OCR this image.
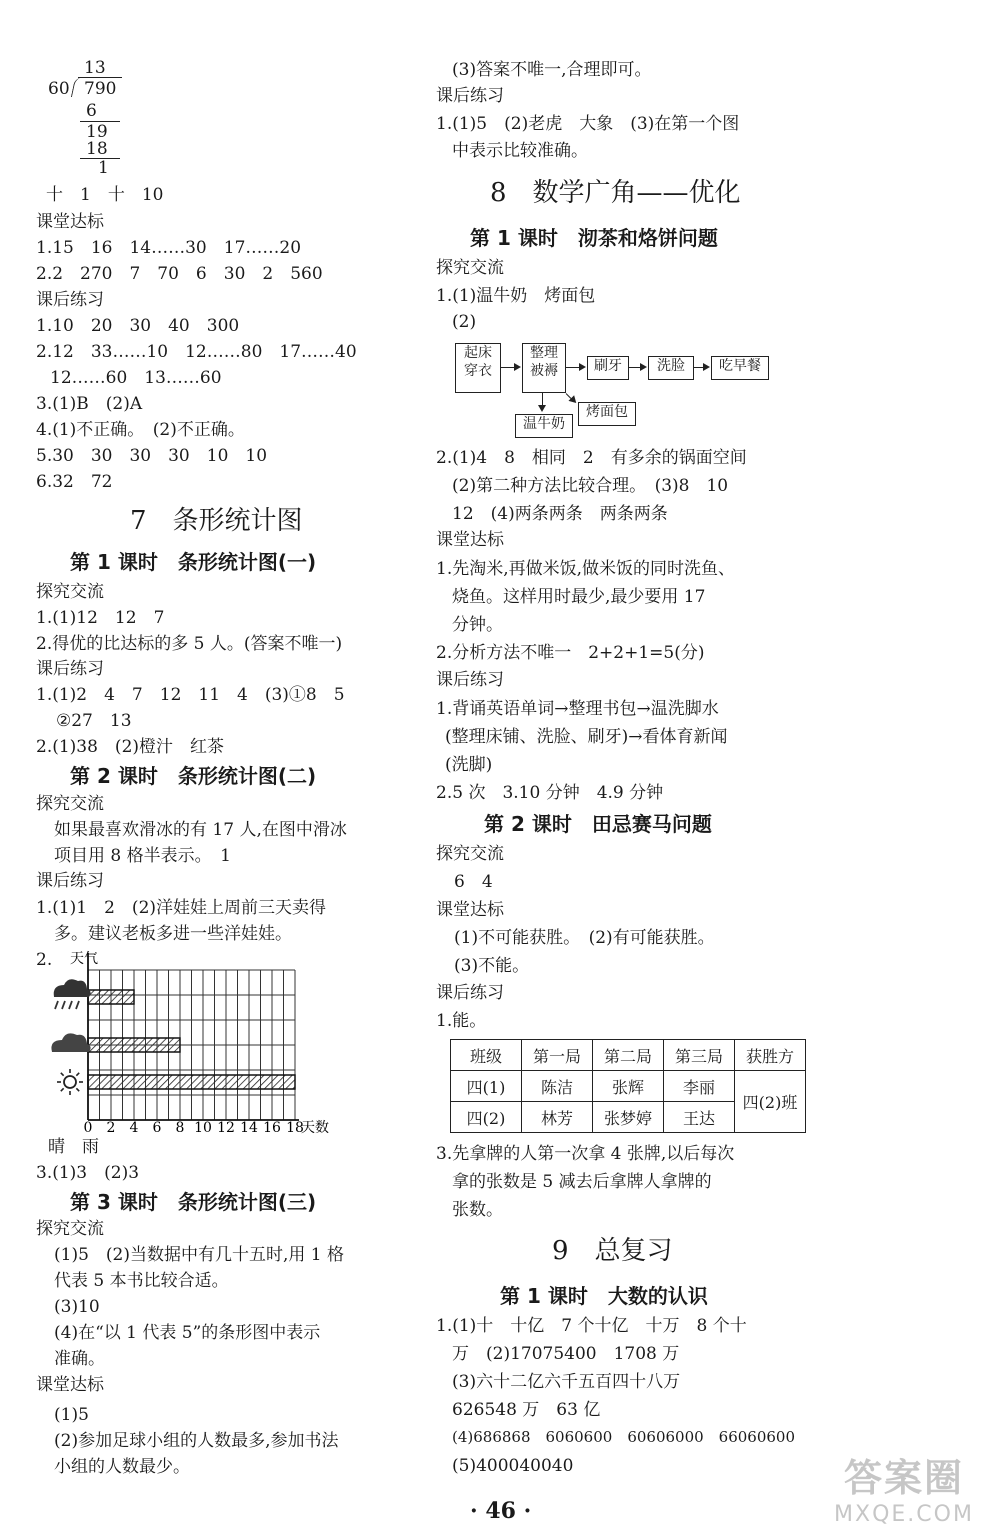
13
60 790
6
19
18
1
十　1　十　10
课堂达标
1.15　16　14……30　17……20
2.2　270　7　70　6　30　2　560
课后练习
1.10　20　30　40　300
2.12　33……10　12……80　17……40
12……60　13……60
3.(1)B　(2)A
4.(1)不正确。　(2)不正确。
5.30　30　30　30　10　10
6.32　72
7　条形统计图
第 1 课时　条形统计图(一)
探究交流
1.(1)12　12　7
2.得优的比达标的多 5 人。(答案不唯一)
课后练习
1.(1)2　4　7　12　11　4　(3)①8　5
②27　13
2.(1)38　(2)橙汁　红茶
第 2 课时　条形统计图(二)
探究交流
如果最喜欢滑冰的有 17 人,在图中滑冰
项目用 8 格半表示。　1
课后练习
1.(1)1　2　(2)洋娃娃上周前三天卖得
多。建议老板多进一些洋娃娃。
2. 天气
0 2 4 6 8 10 12 14 16 18
天数
晴　雨
3.(1)3　(2)3
第 3 课时　条形统计图(三)
探究交流
(1)5　(2)当数据中有几十五时,用 1 格
代表 5 本书比较合适。
(3)10
(4)在“以 1 代表 5”的条形图中表示
准确。
课堂达标
(1)5
(2)参加足球小组的人数最多,参加书法
小组的人数最少。
(3)答案不唯一,合理即可。
课后练习
1.(1)5　(2)老虎　大象　(3)在第一个图
中表示比较准确。
8　数学广角——优化
第 1 课时　沏茶和烙饼问题
探究交流
1.(1)温牛奶　烤面包
(2)
起床
穿衣
整理
被褥	刷牙	洗脸	吃早餐
温牛奶
烤面包
2.(1)4　8　相同　2　有多余的锅面空间
(2)第二种方法比较合理。　(3)8　10
12　(4)两条两条　两条两条
课堂达标
1.先淘米,再做米饭,做米饭的同时洗鱼、
烧鱼。这样用时最少,最少要用 17
分钟。
2.分析方法不唯一　2+2+1=5(分)
课后练习
1.背诵英语单词→整理书包→温洗脚水
(整理床铺、洗脸、刷牙)→看体育新闻
(洗脚)
2.5 次　3.10 分钟　4.9 分钟
第 2 课时　田忌赛马问题
探究交流
6　4
课堂达标
(1)不可能获胜。　(2)有可能获胜。
(3)不能。
课后练习
1.能。
班级	第一局	第二局	第三局	获胜方
四(1)	陈洁	张辉	李丽	四(2)班
四(2)	林芳	张梦婷	王达	
3.先拿牌的人第一次拿 4 张牌,以后每次
拿的张数是 5 减去后拿牌人拿牌的
张数。
9　总复习
第 1 课时　大数的认识
1.(1)十　十亿　7 个十亿　十万　8 个十
万　(2)17075400　1708 万
(3)六十二亿六千五百四十八万
626548 万　63 亿
(4)686868　6060600　60606000　66060600
(5)400040040
· 46 ·
答案圈
MXQE.COM
